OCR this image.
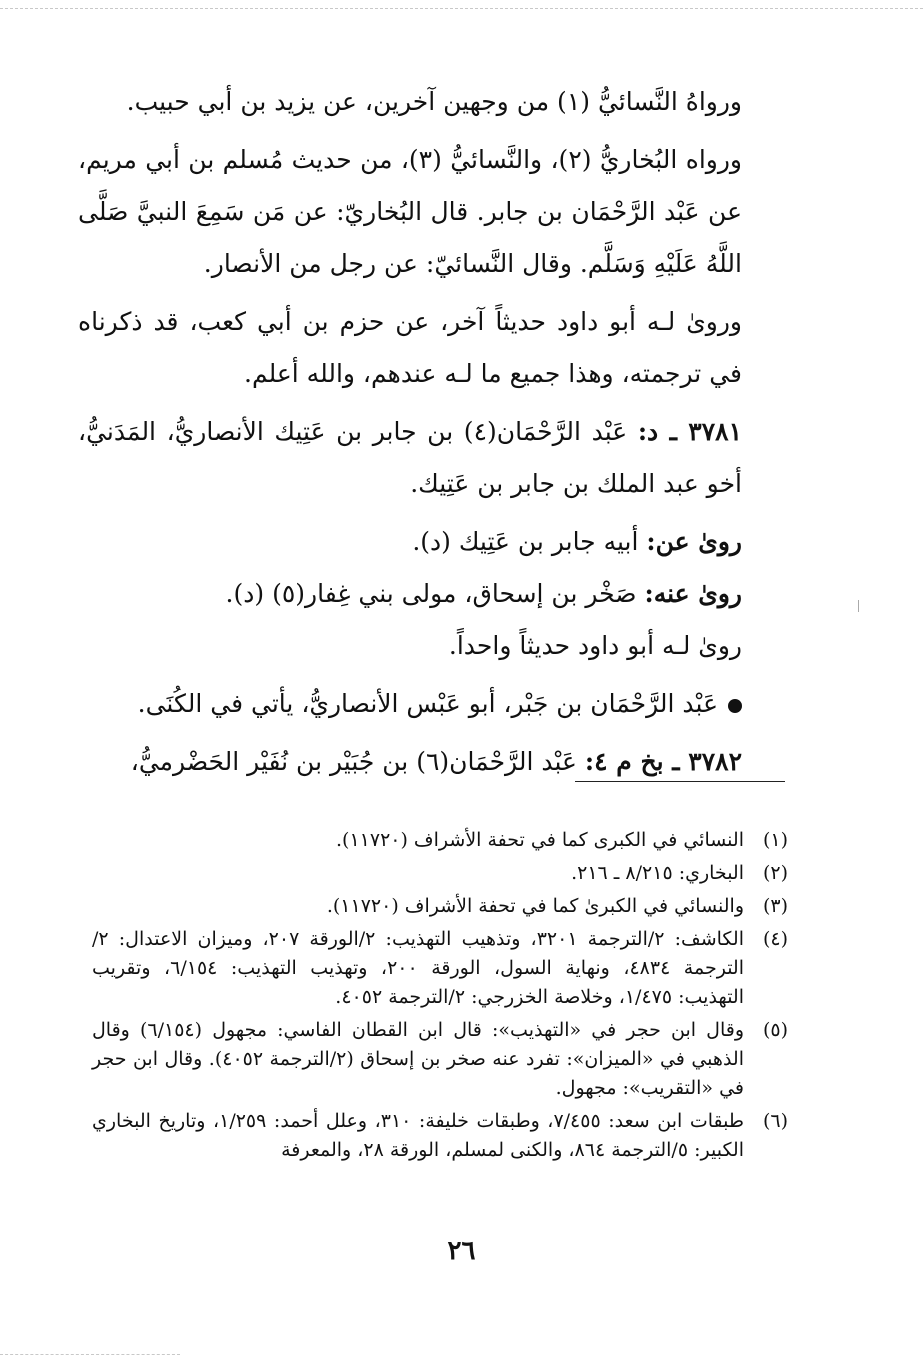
ورواهُ النَّسائيُّ (١) من وجهين آخرين، عن يزيد بن أبي حبيب.

ورواه البُخاريُّ (٢)، والنَّسائيُّ (٣)، من حديث مُسلم بن أبي مريم، عن عَبْد الرَّحْمَان بن جابر. قال البُخاريّ: عن مَن سَمِعَ النبيَّ صَلَّى اللَّهُ عَلَيْهِ وَسَلَّم. وقال النَّسائيّ: عن رجل من الأنصار.

وروىٰ لـه أبو داود حديثاً آخر، عن حزم بن أبي كعب، قد ذكرناه في ترجمته، وهذا جميع ما لـه عندهم، والله أعلم.

٣٧٨١ ـ د: عَبْد الرَّحْمَان(٤) بن جابر بن عَتِيك الأنصاريُّ، المَدَنيُّ، أخو عبد الملك بن جابر بن عَتِيك.

روىٰ عن: أبيه جابر بن عَتِيك (د).

روىٰ عنه: صَخْر بن إسحاق، مولى بني غِفار(٥) (د).

روىٰ لـه أبو داود حديثاً واحداً.

عَبْد الرَّحْمَان بن جَبْر، أبو عَبْس الأنصاريُّ، يأتي في الكُنَى.

٣٧٨٢ ـ بخ م ٤: عَبْد الرَّحْمَان(٦) بن جُبَيْر بن نُفَيْر الحَضْرميُّ،

(١)
النسائي في الكبرى كما في تحفة الأشراف (١١٧٢٠).
(٢)
البخاري: ٨/٢١٥ ـ ٢١٦.
(٣)
والنسائي في الكبرىٰ كما في تحفة الأشراف (١١٧٢٠).
(٤)
الكاشف: ٢/الترجمة ٣٢٠١، وتذهيب التهذيب: ٢/الورقة ٢٠٧، وميزان الاعتدال: ٢/الترجمة ٤٨٣٤، ونهاية السول، الورقة ٢٠٠، وتهذيب التهذيب: ٦/١٥٤، وتقريب التهذيب: ١/٤٧٥، وخلاصة الخزرجي: ٢/الترجمة ٤٠٥٢.
(٥)
وقال ابن حجر في «التهذيب»: قال ابن القطان الفاسي: مجهول (٦/١٥٤) وقال الذهبي في «الميزان»: تفرد عنه صخر بن إسحاق (٢/الترجمة ٤٠٥٢). وقال ابن حجر في «التقريب»: مجهول.
(٦)
طبقات ابن سعد: ٧/٤٥٥، وطبقات خليفة: ٣١٠، وعلل أحمد: ١/٢٥٩، وتاريخ البخاري الكبير: ٥/الترجمة ٨٦٤، والكنى لمسلم، الورقة ٢٨، والمعرفة
٢٦
